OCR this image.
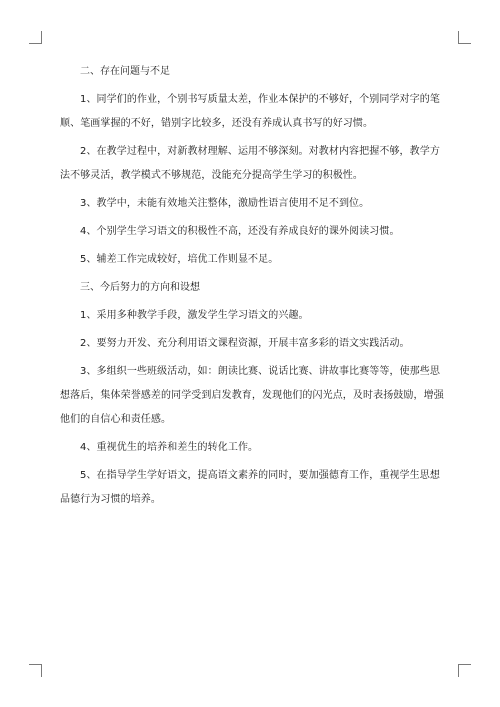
二、存在问题与不足

1、同学们的作业，个别书写质量太差，作业本保护的不够好，个别同学对字的笔顺、笔画掌握的不好，错别字比较多，还没有养成认真书写的好习惯。

2、在教学过程中，对新教材理解、运用不够深刻。对教材内容把握不够，教学方法不够灵活，教学模式不够规范，没能充分提高学生学习的积极性。

3、教学中，未能有效地关注整体，激励性语言使用不足不到位。

4、个别学生学习语文的积极性不高，还没有养成良好的课外阅读习惯。

5、辅差工作完成较好，培优工作则显不足。

三、今后努力的方向和设想

1、采用多种教学手段，激发学生学习语文的兴趣。

2、要努力开发、充分利用语文课程资源，开展丰富多彩的语文实践活动。

3、多组织一些班级活动，如：朗读比赛、说话比赛、讲故事比赛等等，使那些思想落后，集体荣誉感差的同学受到启发教育，发现他们的闪光点，及时表扬鼓励，增强他们的自信心和责任感。

4、重视优生的培养和差生的转化工作。

5、在指导学生学好语文，提高语文素养的同时，要加强德育工作，重视学生思想品德行为习惯的培养。
